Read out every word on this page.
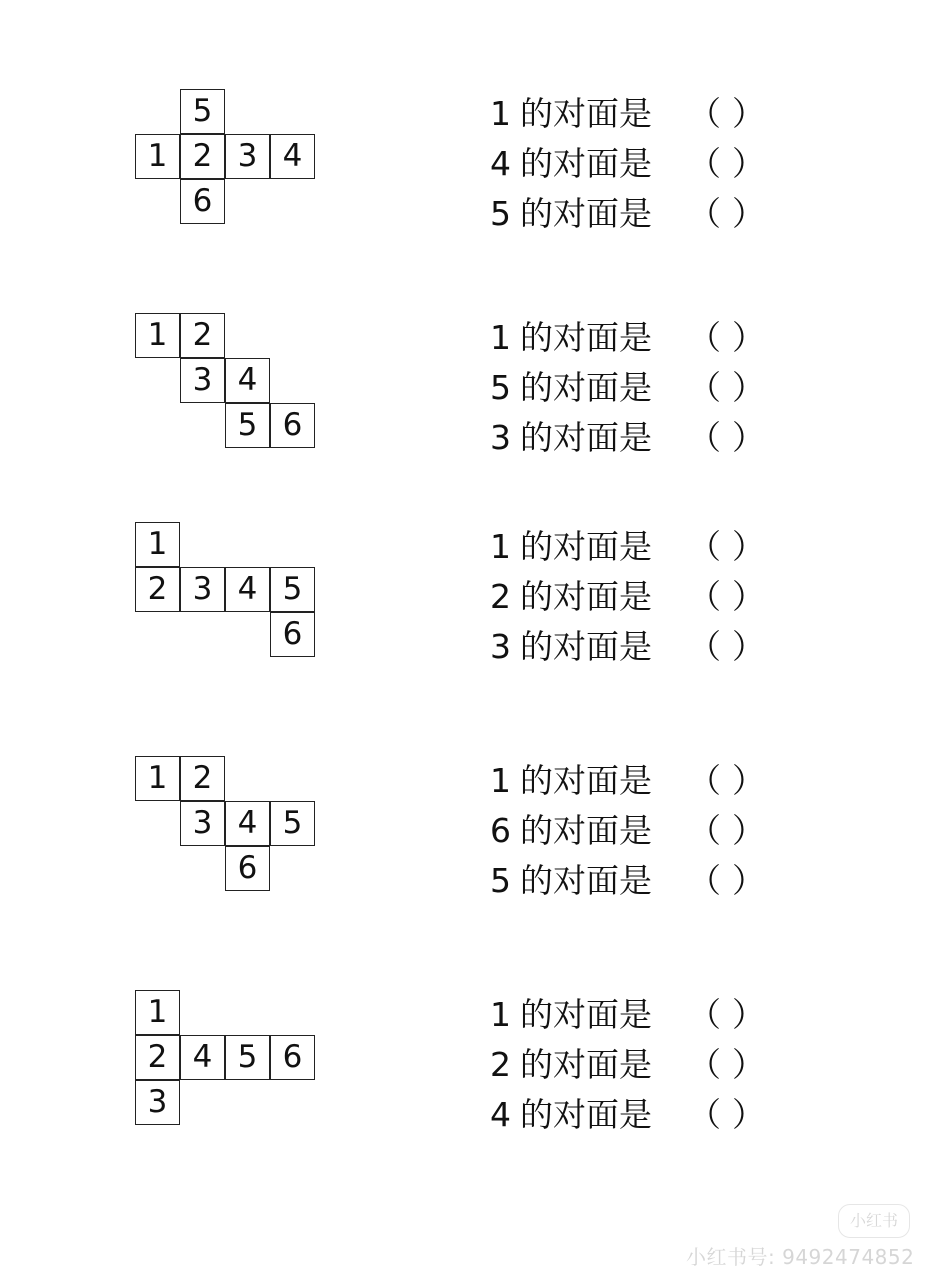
5
1 2 3 4
6
1 的对面是 （ ）
4 的对面是 （ ）
5 的对面是 （ ）
1 2
3 4
5 6
1 的对面是 （ ）
5 的对面是 （ ）
3 的对面是 （ ）
1
2 3 4 5
6
1 的对面是 （ ）
2 的对面是 （ ）
3 的对面是 （ ）
1 2
3 4 5
6
1 的对面是 （ ）
6 的对面是 （ ）
5 的对面是 （ ）
1
2 4 5 6
3
1 的对面是 （ ）
2 的对面是 （ ）
4 的对面是 （ ）
小红书
小红书号: 9492474852
